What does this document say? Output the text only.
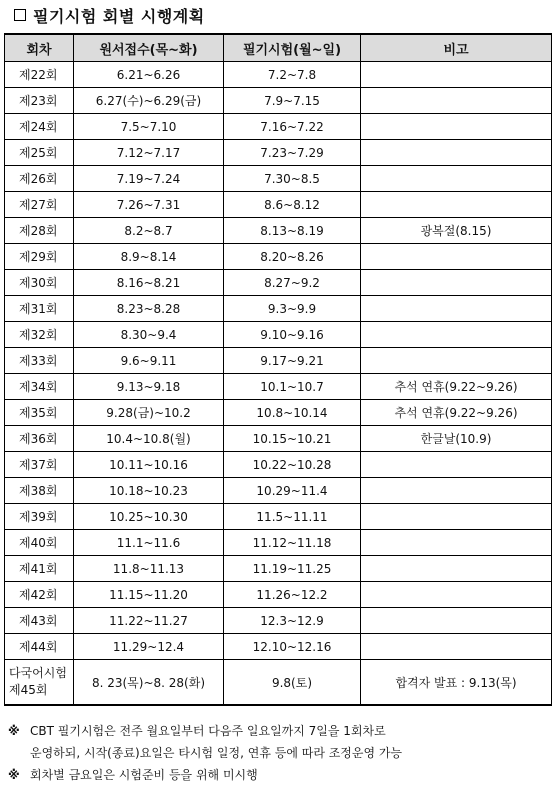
필기시험 회별 시행계획
회차	원서접수(목~화)	필기시험(월~일)	비고
제22회	6.21~6.26	7.2~7.8	
제23회	6.27(수)~6.29(금)	7.9~7.15	
제24회	7.5~7.10	7.16~7.22	
제25회	7.12~7.17	7.23~7.29	
제26회	7.19~7.24	7.30~8.5	
제27회	7.26~7.31	8.6~8.12	
제28회	8.2~8.7	8.13~8.19	광복절(8.15)
제29회	8.9~8.14	8.20~8.26	
제30회	8.16~8.21	8.27~9.2	
제31회	8.23~8.28	9.3~9.9	
제32회	8.30~9.4	9.10~9.16	
제33회	9.6~9.11	9.17~9.21	
제34회	9.13~9.18	10.1~10.7	추석 연휴(9.22~9.26)
제35회	9.28(금)~10.2	10.8~10.14	추석 연휴(9.22~9.26)
제36회	10.4~10.8(월)	10.15~10.21	한글날(10.9)
제37회	10.11~10.16	10.22~10.28	
제38회	10.18~10.23	10.29~11.4	
제39회	10.25~10.30	11.5~11.11	
제40회	11.1~11.6	11.12~11.18	
제41회	11.8~11.13	11.19~11.25	
제42회	11.15~11.20	11.26~12.2	
제43회	11.22~11.27	12.3~12.9	
제44회	11.29~12.4	12.10~12.16	

다국어시험
제45회	8. 23(목)~8. 28(화)	9.8(토)	합격자 발표 : 9.13(목)
※ CBT 필기시험은 전주 월요일부터 다음주 일요일까지 7일을 1회차로
운영하되, 시작(종료)요일은 타시험 일정, 연휴 등에 따라 조정운영 가능
※ 회차별 금요일은 시험준비 등을 위해 미시행
